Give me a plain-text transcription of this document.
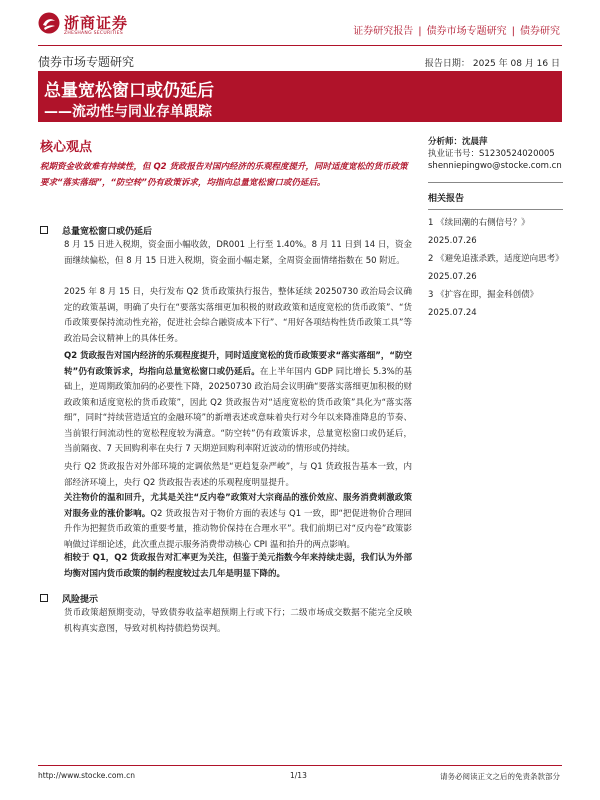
浙商证券
ZHESHANG SECURITIES	证券研究报告 | 债券市场专题研究 | 债券研究
债券市场专题研究	报告日期： 2025 年 08 月 16 日
总量宽松窗口或仍延后
——流动性与同业存单跟踪
核心观点
税期资金收敛难有持续性，但 Q2 货政报告对国内经济的乐观程度提升，同时适度宽松的货币政策要求“落实落细”，“防空转”仍有政策诉求，均指向总量宽松窗口或仍延后。
总量宽松窗口或仍延后
8 月 15 日进入税期，资金面小幅收敛，DR001 上行至 1.40%。8 月 11 日到 14 日，资金面继续偏松，但 8 月 15 日进入税期，资金面小幅走紧，全周资金面情绪指数在 50 附近。
2025 年 8 月 15 日，央行发布 Q2 货币政策执行报告，整体延续 20250730 政治局会议确定的政策基调，明确了央行在“要落实落细更加积极的财政政策和适度宽松的货币政策”、“货币政策要保持流动性充裕，促进社会综合融资成本下行”、“用好各项结构性货币政策工具”等政治局会议精神上的具体任务。
Q2 货政报告对国内经济的乐观程度提升，同时适度宽松的货币政策要求“落实落细”，“防空转”仍有政策诉求，均指向总量宽松窗口或仍延后。在上半年国内 GDP 同比增长 5.3%的基础上，逆周期政策加码的必要性下降，20250730 政治局会议明确“要落实落细更加积极的财政政策和适度宽松的货币政策”，因此 Q2 货政报告对“适度宽松的货币政策”具化为“落实落细”，同时“持续营造适宜的金融环境”的新增表述或意味着央行对今年以来降准降息的节奏、当前银行间流动性的宽松程度较为满意。“防空转”仍有政策诉求，总量宽松窗口或仍延后，当前隔夜、7 天回购利率在央行 7 天期逆回购利率附近波动的情形或仍持续。
央行 Q2 货政报告对外部环境的定调依然是“更趋复杂严峻”，与 Q1 货政报告基本一致，内部经济环境上，央行 Q2 货政报告表述的乐观程度明显提升。
关注物价的温和回升，尤其是关注“反内卷”政策对大宗商品的涨价效应、服务消费刺激政策对服务业的涨价影响。Q2 货政报告对于物价方面的表述与 Q1 一致，即“把促进物价合理回升作为把握货币政策的重要考量，推动物价保持在合理水平”。我们前期已对“反内卷”政策影响做过详细论述，此次重点提示服务消费带动核心 CPI 温和抬升的两点影响。
相较于 Q1，Q2 货政报告对汇率更为关注，但鉴于美元指数今年来持续走弱，我们认为外部均衡对国内货币政策的制约程度较过去几年是明显下降的。
风险提示
货币政策超预期变动，导致债券收益率超预期上行或下行；二级市场成交数据不能完全反映机构真实意图，导致对机构持债趋势误判。
分析师：沈晨萍
执业证书号：S1230524020005
shenniepingwo@stocke.com.cn
相关报告
1 《续回潮的右侧信号？》
2025.07.26
2 《避免追涨杀跌，适度逆向思考》
2025.07.26
3 《扩容在即，掘金科创债》
2025.07.24
http://www.stocke.com.cn	1/13	请务必阅读正文之后的免责条款部分
